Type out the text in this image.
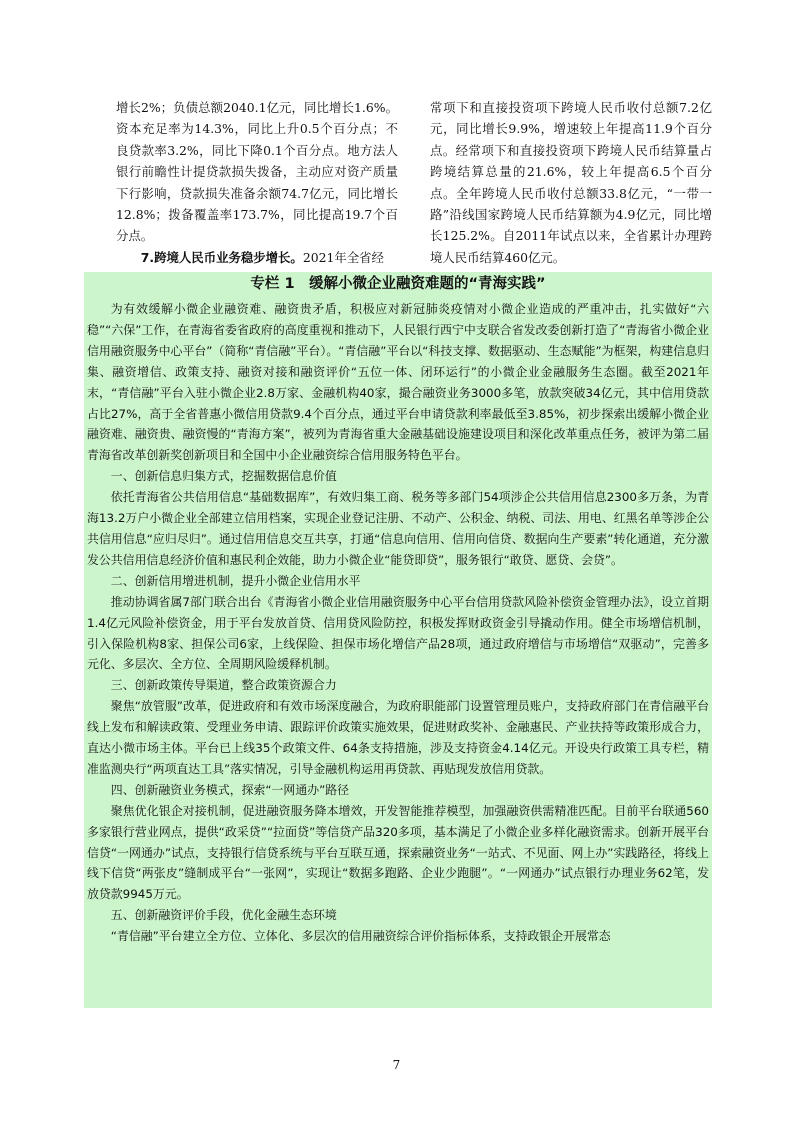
增长2%；负债总额2040.1亿元，同比增长1.6%。资本充足率为14.3%，同比上升0.5个百分点；不良贷款率3.2%，同比下降0.1个百分点。地方法人银行前瞻性计提贷款损失拨备，主动应对资产质量下行影响，贷款损失准备余额74.7亿元，同比增长12.8%；拨备覆盖率173.7%，同比提高19.7个百分点。

7.跨境人民币业务稳步增长。2021年全省经

常项下和直接投资项下跨境人民币收付总额7.2亿元，同比增长9.9%，增速较上年提高11.9个百分点。经常项下和直接投资项下跨境人民币结算量占跨境结算总量的21.6%，较上年提高6.5个百分点。全年跨境人民币收付总额33.8亿元，“一带一路”沿线国家跨境人民币结算额为4.9亿元，同比增长125.2%。自2011年试点以来，全省累计办理跨境人民币结算460亿元。

专栏 1　缓解小微企业融资难题的“青海实践”

为有效缓解小微企业融资难、融资贵矛盾，积极应对新冠肺炎疫情对小微企业造成的严重冲击，扎实做好“六稳”“六保”工作，在青海省委省政府的高度重视和推动下，人民银行西宁中支联合省发改委创新打造了“青海省小微企业信用融资服务中心平台”（简称“青信融”平台）。“青信融”平台以“科技支撑、数据驱动、生态赋能”为框架，构建信息归集、融资增信、政策支持、融资对接和融资评价“五位一体、闭环运行”的小微企业金融服务生态圈。截至2021年末，“青信融”平台入驻小微企业2.8万家、金融机构40家，撮合融资业务3000多笔，放款突破34亿元，其中信用贷款占比27%，高于全省普惠小微信用贷款9.4个百分点，通过平台申请贷款利率最低至3.85%，初步探索出缓解小微企业融资难、融资贵、融资慢的“青海方案”，被列为青海省重大金融基础设施建设项目和深化改革重点任务，被评为第二届青海省改革创新奖创新项目和全国中小企业融资综合信用服务特色平台。

一、创新信息归集方式，挖掘数据信息价值

依托青海省公共信用信息“基础数据库”，有效归集工商、税务等多部门54项涉企公共信用信息2300多万条，为青海13.2万户小微企业全部建立信用档案，实现企业登记注册、不动产、公积金、纳税、司法、用电、红黑名单等涉企公共信用信息“应归尽归”。通过信用信息交互共享，打通“信息向信用、信用向信贷、数据向生产要素”转化通道，充分激发公共信用信息经济价值和惠民利企效能，助力小微企业“能贷即贷”，服务银行“敢贷、愿贷、会贷”。

二、创新信用增进机制，提升小微企业信用水平

推动协调省属7部门联合出台《青海省小微企业信用融资服务中心平台信用贷款风险补偿资金管理办法》，设立首期1.4亿元风险补偿资金，用于平台发放首贷、信用贷风险防控，积极发挥财政资金引导撬动作用。健全市场增信机制，引入保险机构8家、担保公司6家，上线保险、担保市场化增信产品28项，通过政府增信与市场增信“双驱动”，完善多元化、多层次、全方位、全周期风险缓释机制。

三、创新政策传导渠道，整合政策资源合力

聚焦“放管服”改革，促进政府和有效市场深度融合，为政府职能部门设置管理员账户，支持政府部门在青信融平台线上发布和解读政策、受理业务申请、跟踪评价政策实施效果，促进财政奖补、金融惠民、产业扶持等政策形成合力，直达小微市场主体。平台已上线35个政策文件、64条支持措施，涉及支持资金4.14亿元。开设央行政策工具专栏，精准监测央行“两项直达工具”落实情况，引导金融机构运用再贷款、再贴现发放信用贷款。

四、创新融资业务模式，探索“一网通办”路径

聚焦优化银企对接机制，促进融资服务降本增效，开发智能推荐模型，加强融资供需精准匹配。目前平台联通560多家银行营业网点，提供“政采贷”“拉面贷”等信贷产品320多项，基本满足了小微企业多样化融资需求。创新开展平台信贷“一网通办”试点，支持银行信贷系统与平台互联互通，探索融资业务“一站式、不见面、网上办”实践路径，将线上线下信贷“两张皮”缝制成平台“一张网”，实现让“数据多跑路、企业少跑腿”。“一网通办”试点银行办理业务62笔，发放贷款9945万元。

五、创新融资评价手段，优化金融生态环境

“青信融”平台建立全方位、立体化、多层次的信用融资综合评价指标体系，支持政银企开展常态

7
